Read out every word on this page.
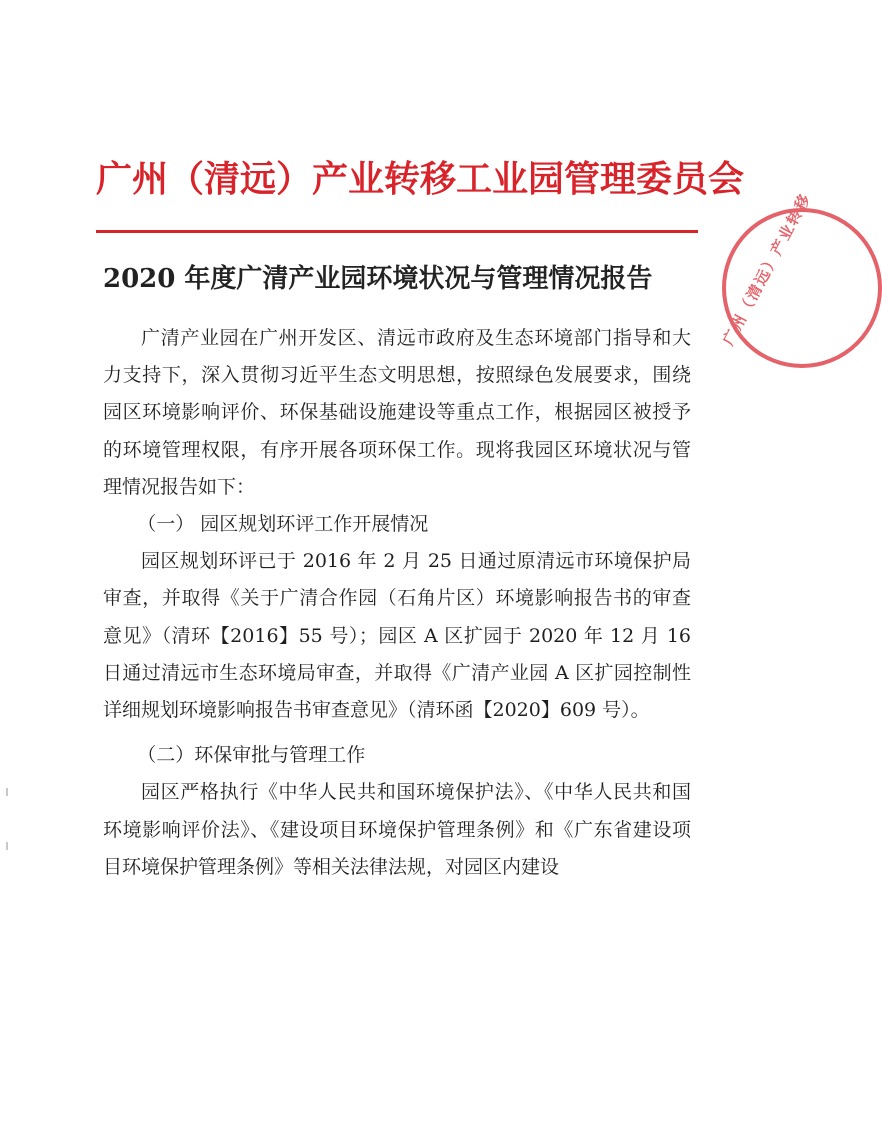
广州（清远）产业转移工业园管理委员会
广州（清远）产业转移
2020 年度广清产业园环境状况与管理情况报告

广清产业园在广州开发区、清远市政府及生态环境部门指导和大力支持下，深入贯彻习近平生态文明思想，按照绿色发展要求，围绕园区环境影响评价、环保基础设施建设等重点工作，根据园区被授予的环境管理权限，有序开展各项环保工作。现将我园区环境状况与管理情况报告如下：

（一） 园区规划环评工作开展情况

园区规划环评已于 2016 年 2 月 25 日通过原清远市环境保护局审查，并取得《关于广清合作园（石角片区）环境影响报告书的审查意见》（清环【2016】55 号）；园区 A 区扩园于 2020 年 12 月 16 日通过清远市生态环境局审查，并取得《广清产业园 A 区扩园控制性详细规划环境影响报告书审查意见》（清环函【2020】609 号）。

（二）环保审批与管理工作

园区严格执行《中华人民共和国环境保护法》、《中华人民共和国环境影响评价法》、《建设项目环境保护管理条例》和《广东省建设项目环境保护管理条例》等相关法律法规，对园区内建设
